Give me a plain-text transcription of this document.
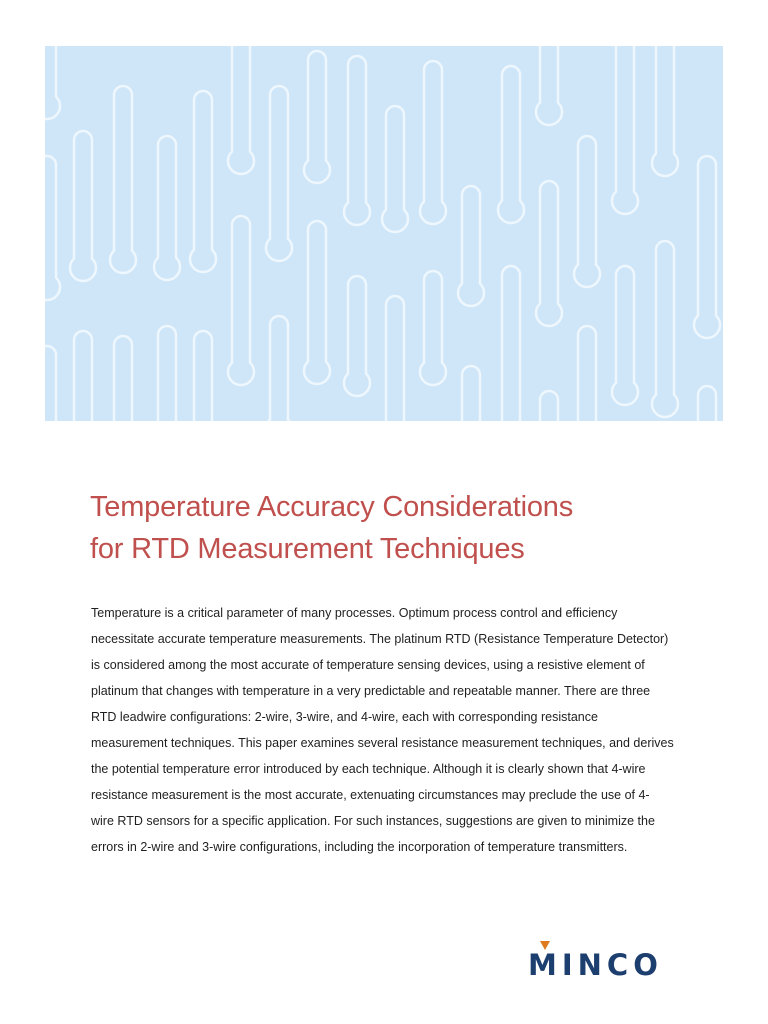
Temperature Accuracy Considerations
for RTD Measurement Techniques

Temperature is a critical parameter of many processes. Optimum process control and efficiency
necessitate accurate temperature measurements. The platinum RTD (Resistance Temperature Detector)
is considered among the most accurate of temperature sensing devices, using a resistive element of
platinum that changes with temperature in a very predictable and repeatable manner. There are three
RTD leadwire configurations: 2-wire, 3-wire, and 4-wire, each with corresponding resistance
measurement techniques. This paper examines several resistance measurement techniques, and derives
the potential temperature error introduced by each technique. Although it is clearly shown that 4-wire
resistance measurement is the most accurate, extenuating circumstances may preclude the use of 4-
wire RTD sensors for a specific application. For such instances, suggestions are given to minimize the
errors in 2-wire and 3-wire configurations, including the incorporation of temperature transmitters.

MINCO
